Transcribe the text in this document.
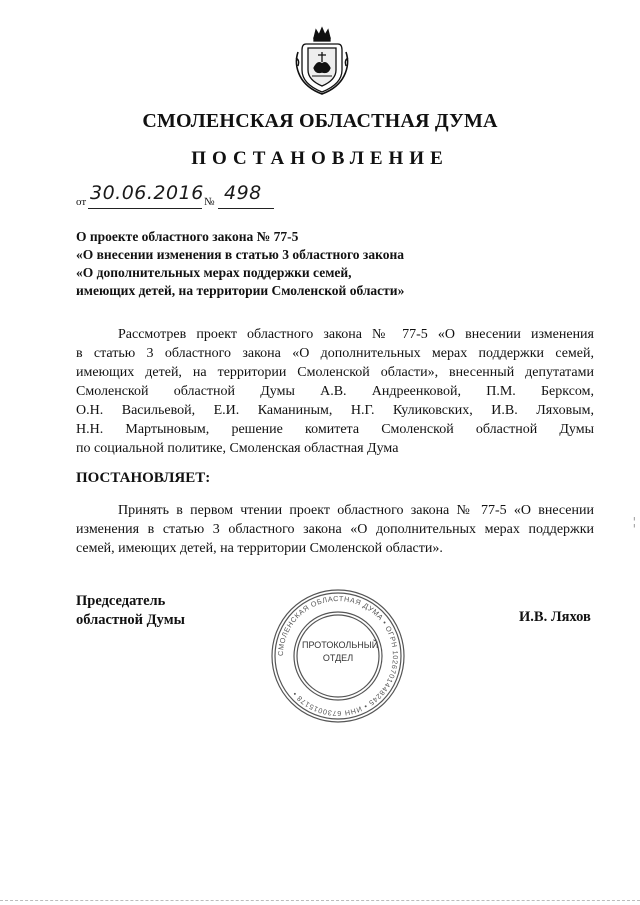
СМОЛЕНСКАЯ ОБЛАСТНАЯ ДУМА
ПОСТАНОВЛЕНИЕ
от 30.06.2016 № 498
О проекте областного закона № 77-5
«О внесении изменения в статью 3 областного закона
«О дополнительных мерах поддержки семей,
имеющих детей, на территории Смоленской области»
Рассмотрев проект областного закона № 77-5 «О внесении изменения
в статью 3 областного закона «О дополнительных мерах поддержки семей,
имеющих детей, на территории Смоленской области», внесенный депутатами
Смоленской областной Думы А.В. Андреенковой, П.М. Берксом,
О.Н. Васильевой, Е.И. Каманиным, Н.Г. Куликовских, И.В. Ляховым,
Н.Н. Мартыновым, решение комитета Смоленской областной Думы
по социальной политике, Смоленская областная Дума
ПОСТАНОВЛЯЕТ:
Принять в первом чтении проект областного закона № 77-5 «О внесении
изменения в статью 3 областного закона «О дополнительных мерах поддержки
семей, имеющих детей, на территории Смоленской области».
Председатель
областной Думы	И.В. Ляхов
СМОЛЕНСКАЯ ОБЛАСТНАЯ ДУМА • ОГРН 1026701448245 • ИНН 6730015178 •
ПРОТОКОЛЬНЫЙ
ОТДЕЛ
¦
